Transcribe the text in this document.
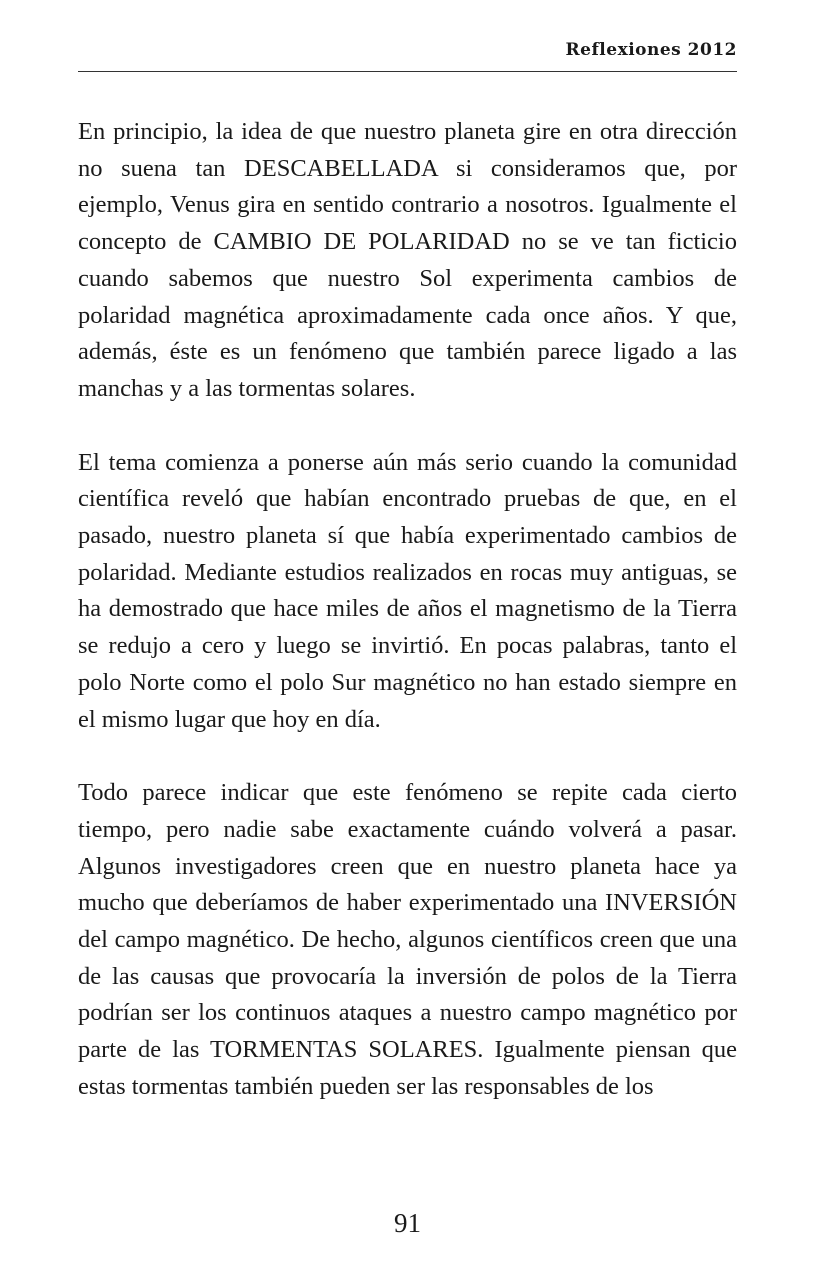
Reflexiones 2012

En principio, la idea de que nuestro planeta gire en otra dirección no suena tan DESCABELLADA si consideramos que, por ejemplo, Venus gira en sentido contrario a nosotros. Igualmente el concepto de CAMBIO DE POLARIDAD no se ve tan ficticio cuando sabemos que nuestro Sol experimenta cambios de polaridad magnética aproximadamente cada once años. Y que, además, éste es un fenómeno que también parece ligado a las manchas y a las tormentas solares.

El tema comienza a ponerse aún más serio cuando la comunidad científica reveló que habían encontrado pruebas de que, en el pasado, nuestro planeta sí que había experimentado cambios de polaridad. Mediante estudios realizados en rocas muy antiguas, se ha demostrado que hace miles de años el magnetismo de la Tierra se redujo a cero y luego se invirtió. En pocas palabras, tanto el polo Norte como el polo Sur magnético no han estado siempre en el mismo lugar que hoy en día.

Todo parece indicar que este fenómeno se repite cada cierto tiempo, pero nadie sabe exactamente cuándo volverá a pasar. Algunos investigadores creen que en nuestro planeta hace ya mucho que deberíamos de haber experimentado una INVERSIÓN del campo magnético. De hecho, algunos científicos creen que una de las causas que provocaría la inversión de polos de la Tierra podrían ser los continuos ataques a nuestro campo magnético por parte de las TORMENTAS SOLARES. Igualmente piensan que estas tormentas también pueden ser las responsables de los

91
